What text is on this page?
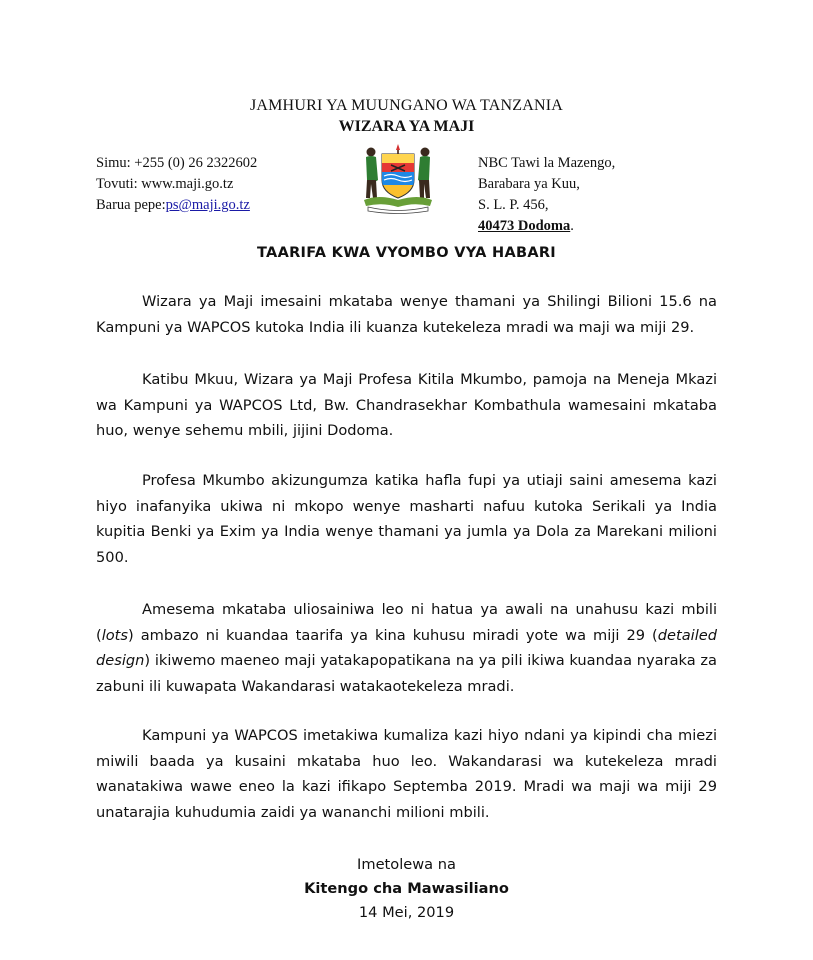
JAMHURI YA MUUNGANO WA TANZANIA
WIZARA YA MAJI
Simu: +255 (0) 26 2322602
Tovuti: www.maji.go.tz
Barua pepe:ps@maji.go.tz
NBC Tawi la Mazengo,
Barabara ya Kuu,
S. L. P. 456,
40473 Dodoma.
TAARIFA KWA VYOMBO VYA HABARI

Wizara ya Maji imesaini mkataba wenye thamani ya Shilingi Bilioni 15.6 na Kampuni ya WAPCOS kutoka India ili kuanza kutekeleza mradi wa maji wa miji 29.

Katibu Mkuu, Wizara ya Maji Profesa Kitila Mkumbo, pamoja na Meneja Mkazi wa Kampuni ya WAPCOS Ltd, Bw. Chandrasekhar Kombathula wamesaini mkataba huo, wenye sehemu mbili, jijini Dodoma.

Profesa Mkumbo akizungumza katika hafla fupi ya utiaji saini amesema kazi hiyo inafanyika ukiwa ni mkopo wenye masharti nafuu kutoka Serikali ya India kupitia Benki ya Exim ya India wenye thamani ya jumla ya Dola za Marekani milioni 500.

Amesema mkataba uliosainiwa leo ni hatua ya awali na unahusu kazi mbili (lots) ambazo ni kuandaa taarifa ya kina kuhusu miradi yote wa miji 29 (detailed design) ikiwemo maeneo maji yatakapopatikana na ya pili ikiwa kuandaa nyaraka za zabuni ili kuwapata Wakandarasi watakaotekeleza mradi.

Kampuni ya WAPCOS imetakiwa kumaliza kazi hiyo ndani ya kipindi cha miezi miwili baada ya kusaini mkataba huo leo. Wakandarasi wa kutekeleza mradi wanatakiwa wawe eneo la kazi ifikapo Septemba 2019. Mradi wa maji wa miji 29 unatarajia kuhudumia zaidi ya wananchi milioni mbili.

Imetolewa na
Kitengo cha Mawasiliano
14 Mei, 2019
